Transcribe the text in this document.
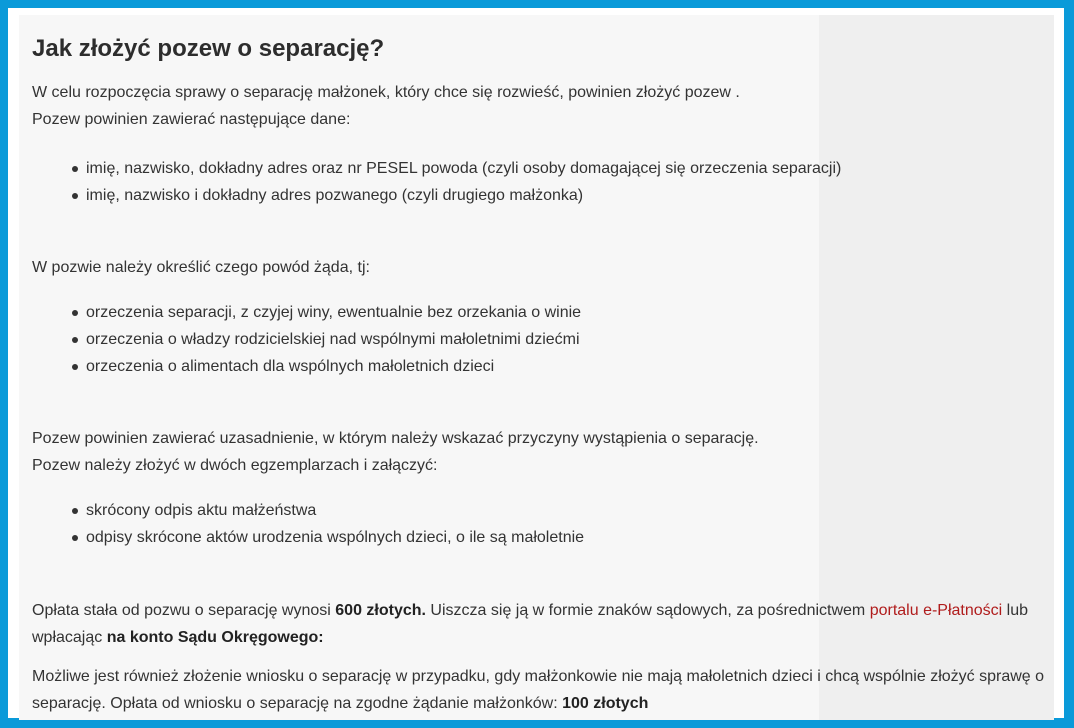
Jak złożyć pozew o separację?

W celu rozpoczęcia sprawy o separację małżonek, który chce się rozwieść, powinien złożyć pozew .
Pozew powinien zawierać następujące dane:

imię, nazwisko, dokładny adres oraz nr PESEL powoda (czyli osoby domagającej się orzeczenia separacji)
imię, nazwisko i dokładny adres pozwanego (czyli drugiego małżonka)

W pozwie należy określić czego powód żąda, tj:

orzeczenia separacji, z czyjej winy, ewentualnie bez orzekania o winie
orzeczenia o władzy rodzicielskiej nad wspólnymi małoletnimi dziećmi
orzeczenia o alimentach dla wspólnych małoletnich dzieci

Pozew powinien zawierać uzasadnienie, w którym należy wskazać przyczyny wystąpienia o separację.
Pozew należy złożyć w dwóch egzemplarzach i załączyć:

skrócony odpis aktu małżeństwa
odpisy skrócone aktów urodzenia wspólnych dzieci, o ile są małoletnie

Opłata stała od pozwu o separację wynosi 600 złotych. Uiszcza się ją w formie znaków sądowych, za pośrednictwem portalu e-Płatności lub wpłacając na konto Sądu Okręgowego:

Możliwe jest również złożenie wniosku o separację w przypadku, gdy małżonkowie nie mają małoletnich dzieci i chcą wspólnie złożyć sprawę o separację. Opłata od wniosku o separację na zgodne żądanie małżonków: 100 złotych
